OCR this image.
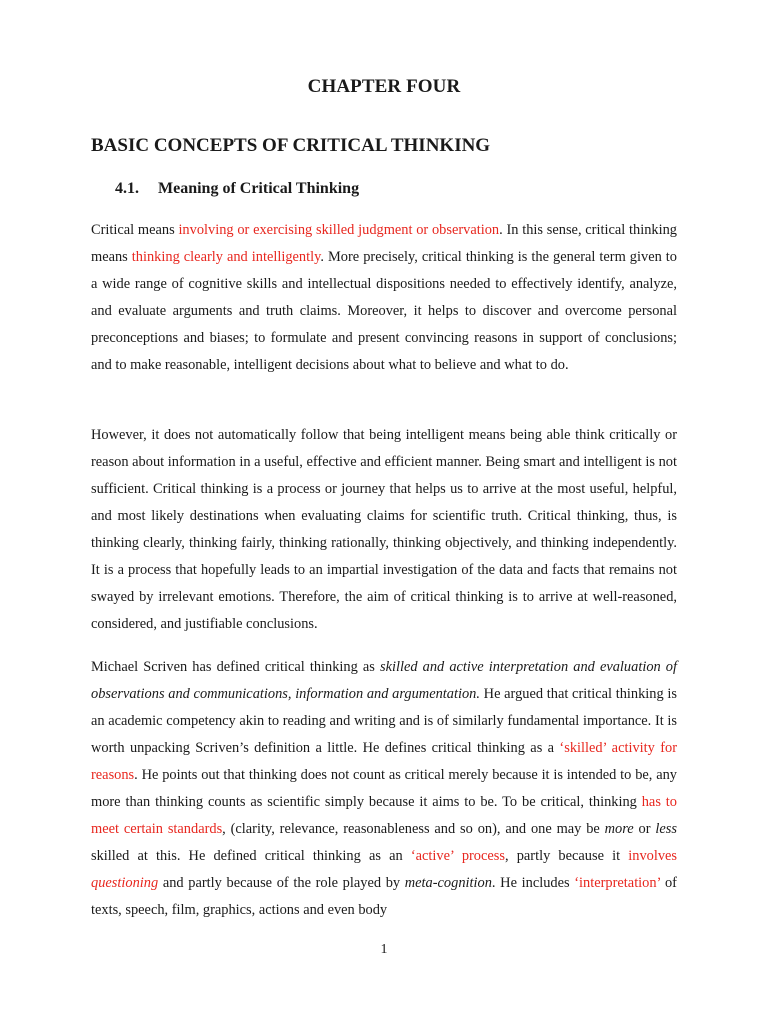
CHAPTER FOUR
BASIC CONCEPTS OF CRITICAL THINKING
4.1. Meaning of Critical Thinking

Critical means involving or exercising skilled judgment or observation. In this sense, critical thinking means thinking clearly and intelligently. More precisely, critical thinking is the general term given to a wide range of cognitive skills and intellectual dispositions needed to effectively identify, analyze, and evaluate arguments and truth claims. Moreover, it helps to discover and overcome personal preconceptions and biases; to formulate and present convincing reasons in support of conclusions; and to make reasonable, intelligent decisions about what to believe and what to do.

However, it does not automatically follow that being intelligent means being able think critically or reason about information in a useful, effective and efficient manner. Being smart and intelligent is not sufficient. Critical thinking is a process or journey that helps us to arrive at the most useful, helpful, and most likely destinations when evaluating claims for scientific truth. Critical thinking, thus, is thinking clearly, thinking fairly, thinking rationally, thinking objectively, and thinking independently. It is a process that hopefully leads to an impartial investigation of the data and facts that remains not swayed by irrelevant emotions. Therefore, the aim of critical thinking is to arrive at well-reasoned, considered, and justifiable conclusions.

Michael Scriven has defined critical thinking as skilled and active interpretation and evaluation of observations and communications, information and argumentation. He argued that critical thinking is an academic competency akin to reading and writing and is of similarly fundamental importance. It is worth unpacking Scriven’s definition a little. He defines critical thinking as a ‘skilled’ activity for reasons. He points out that thinking does not count as critical merely because it is intended to be, any more than thinking counts as scientific simply because it aims to be. To be critical, thinking has to meet certain standards, (clarity, relevance, reasonableness and so on), and one may be more or less skilled at this. He defined critical thinking as an ‘active’ process, partly because it involves questioning and partly because of the role played by meta-cognition. He includes ‘interpretation’ of texts, speech, film, graphics, actions and even body

1
